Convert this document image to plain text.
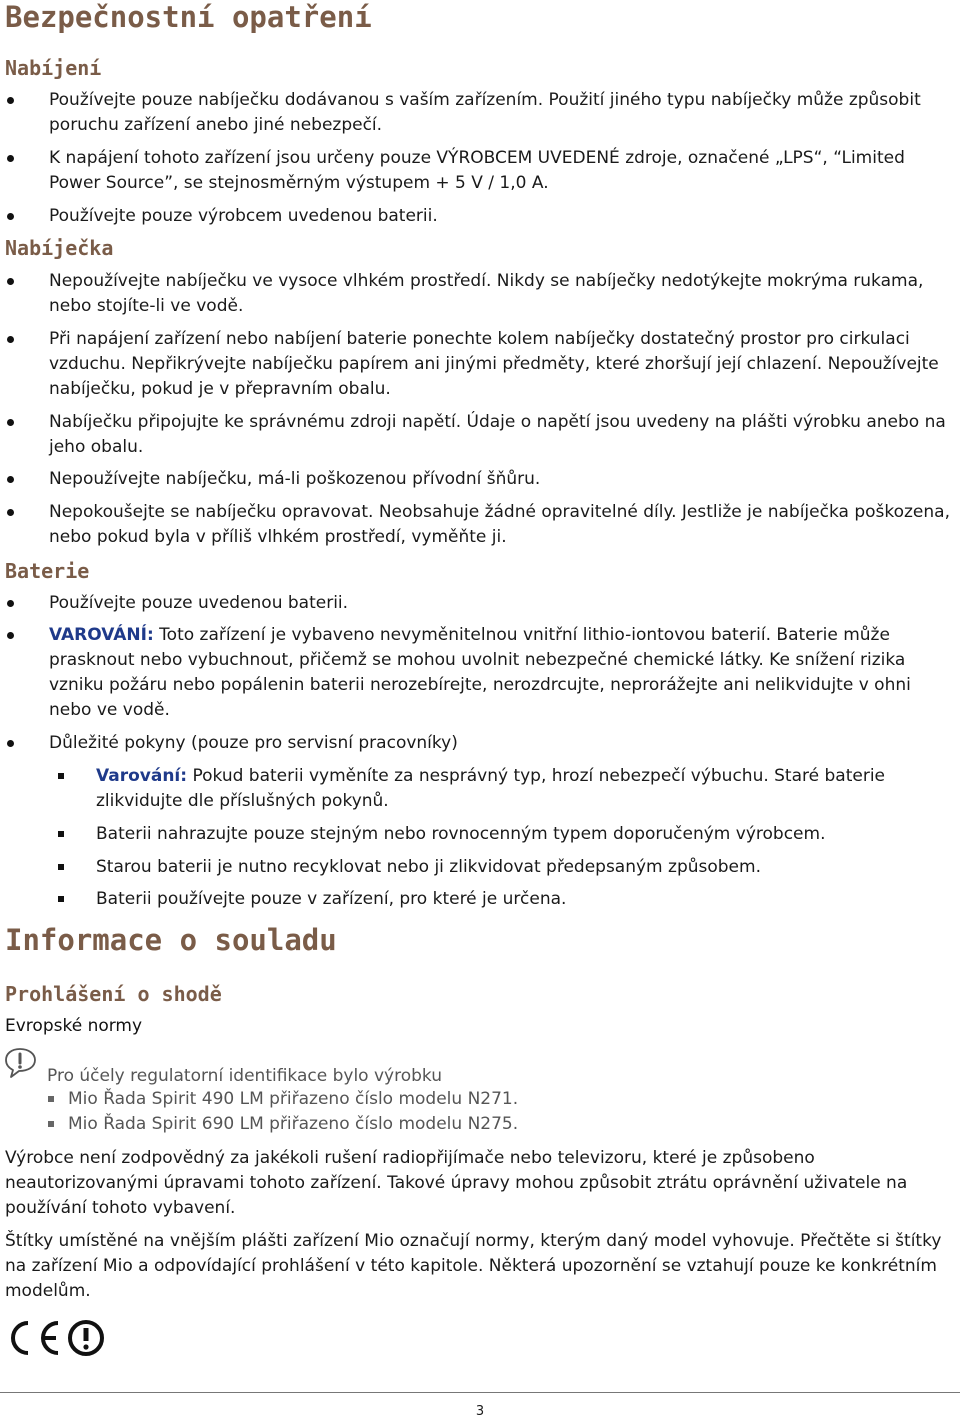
Bezpečnostní opatření
Nabíjení
Používejte pouze nabíječku dodávanou s vaším zařízením. Použití jiného typu nabíječky může způsobit poruchu zařízení anebo jiné nebezpečí.
K napájení tohoto zařízení jsou určeny pouze VÝROBCEM UVEDENÉ zdroje, označené „LPS“, “Limited Power Source”, se stejnosměrným výstupem + 5 V / 1,0 A.
Používejte pouze výrobcem uvedenou baterii.
Nabíječka
Nepoužívejte nabíječku ve vysoce vlhkém prostředí. Nikdy se nabíječky nedotýkejte mokrýma rukama, nebo stojíte-li ve vodě.
Při napájení zařízení nebo nabíjení baterie ponechte kolem nabíječky dostatečný prostor pro cirkulaci vzduchu. Nepřikrývejte nabíječku papírem ani jinými předměty, které zhoršují její chlazení. Nepoužívejte nabíječku, pokud je v přepravním obalu.
Nabíječku připojujte ke správnému zdroji napětí. Údaje o napětí jsou uvedeny na plášti výrobku anebo na jeho obalu.
Nepoužívejte nabíječku, má-li poškozenou přívodní šňůru.
Nepokoušejte se nabíječku opravovat. Neobsahuje žádné opravitelné díly. Jestliže je nabíječka poškozena, nebo pokud byla v příliš vlhkém prostředí, vyměňte ji.
Baterie
Používejte pouze uvedenou baterii.
VAROVÁNÍ: Toto zařízení je vybaveno nevyměnitelnou vnitřní lithio-iontovou baterií. Baterie může prasknout nebo vybuchnout, přičemž se mohou uvolnit nebezpečné chemické látky. Ke snížení rizika vzniku požáru nebo popálenin baterii nerozebírejte, nerozdrcujte, neprorážejte ani nelikvidujte v ohni nebo ve vodě.
Důležité pokyny (pouze pro servisní pracovníky)
Varování: Pokud baterii vyměníte za nesprávný typ, hrozí nebezpečí výbuchu. Staré baterie zlikvidujte dle příslušných pokynů.
Baterii nahrazujte pouze stejným nebo rovnocenným typem doporučeným výrobcem.
Starou baterii je nutno recyklovat nebo ji zlikvidovat předepsaným způsobem.
Baterii používejte pouze v zařízení, pro které je určena.
Informace o souladu
Prohlášení o shodě
Evropské normy
Pro účely regulatorní identifikace bylo výrobku
Mio Řada Spirit 490 LM přiřazeno číslo modelu N271.
Mio Řada Spirit 690 LM přiřazeno číslo modelu N275.
Výrobce není zodpovědný za jakékoli rušení radiopřijímače nebo televizoru, které je způsobeno neautorizovanými úpravami tohoto zařízení. Takové úpravy mohou způsobit ztrátu oprávnění uživatele na používání tohoto vybavení.
Štítky umístěné na vnějším plášti zařízení Mio označují normy, kterým daný model vyhovuje. Přečtěte si štítky na zařízení Mio a odpovídající prohlášení v této kapitole. Některá upozornění se vztahují pouze ke konkrétním modelům.
3
